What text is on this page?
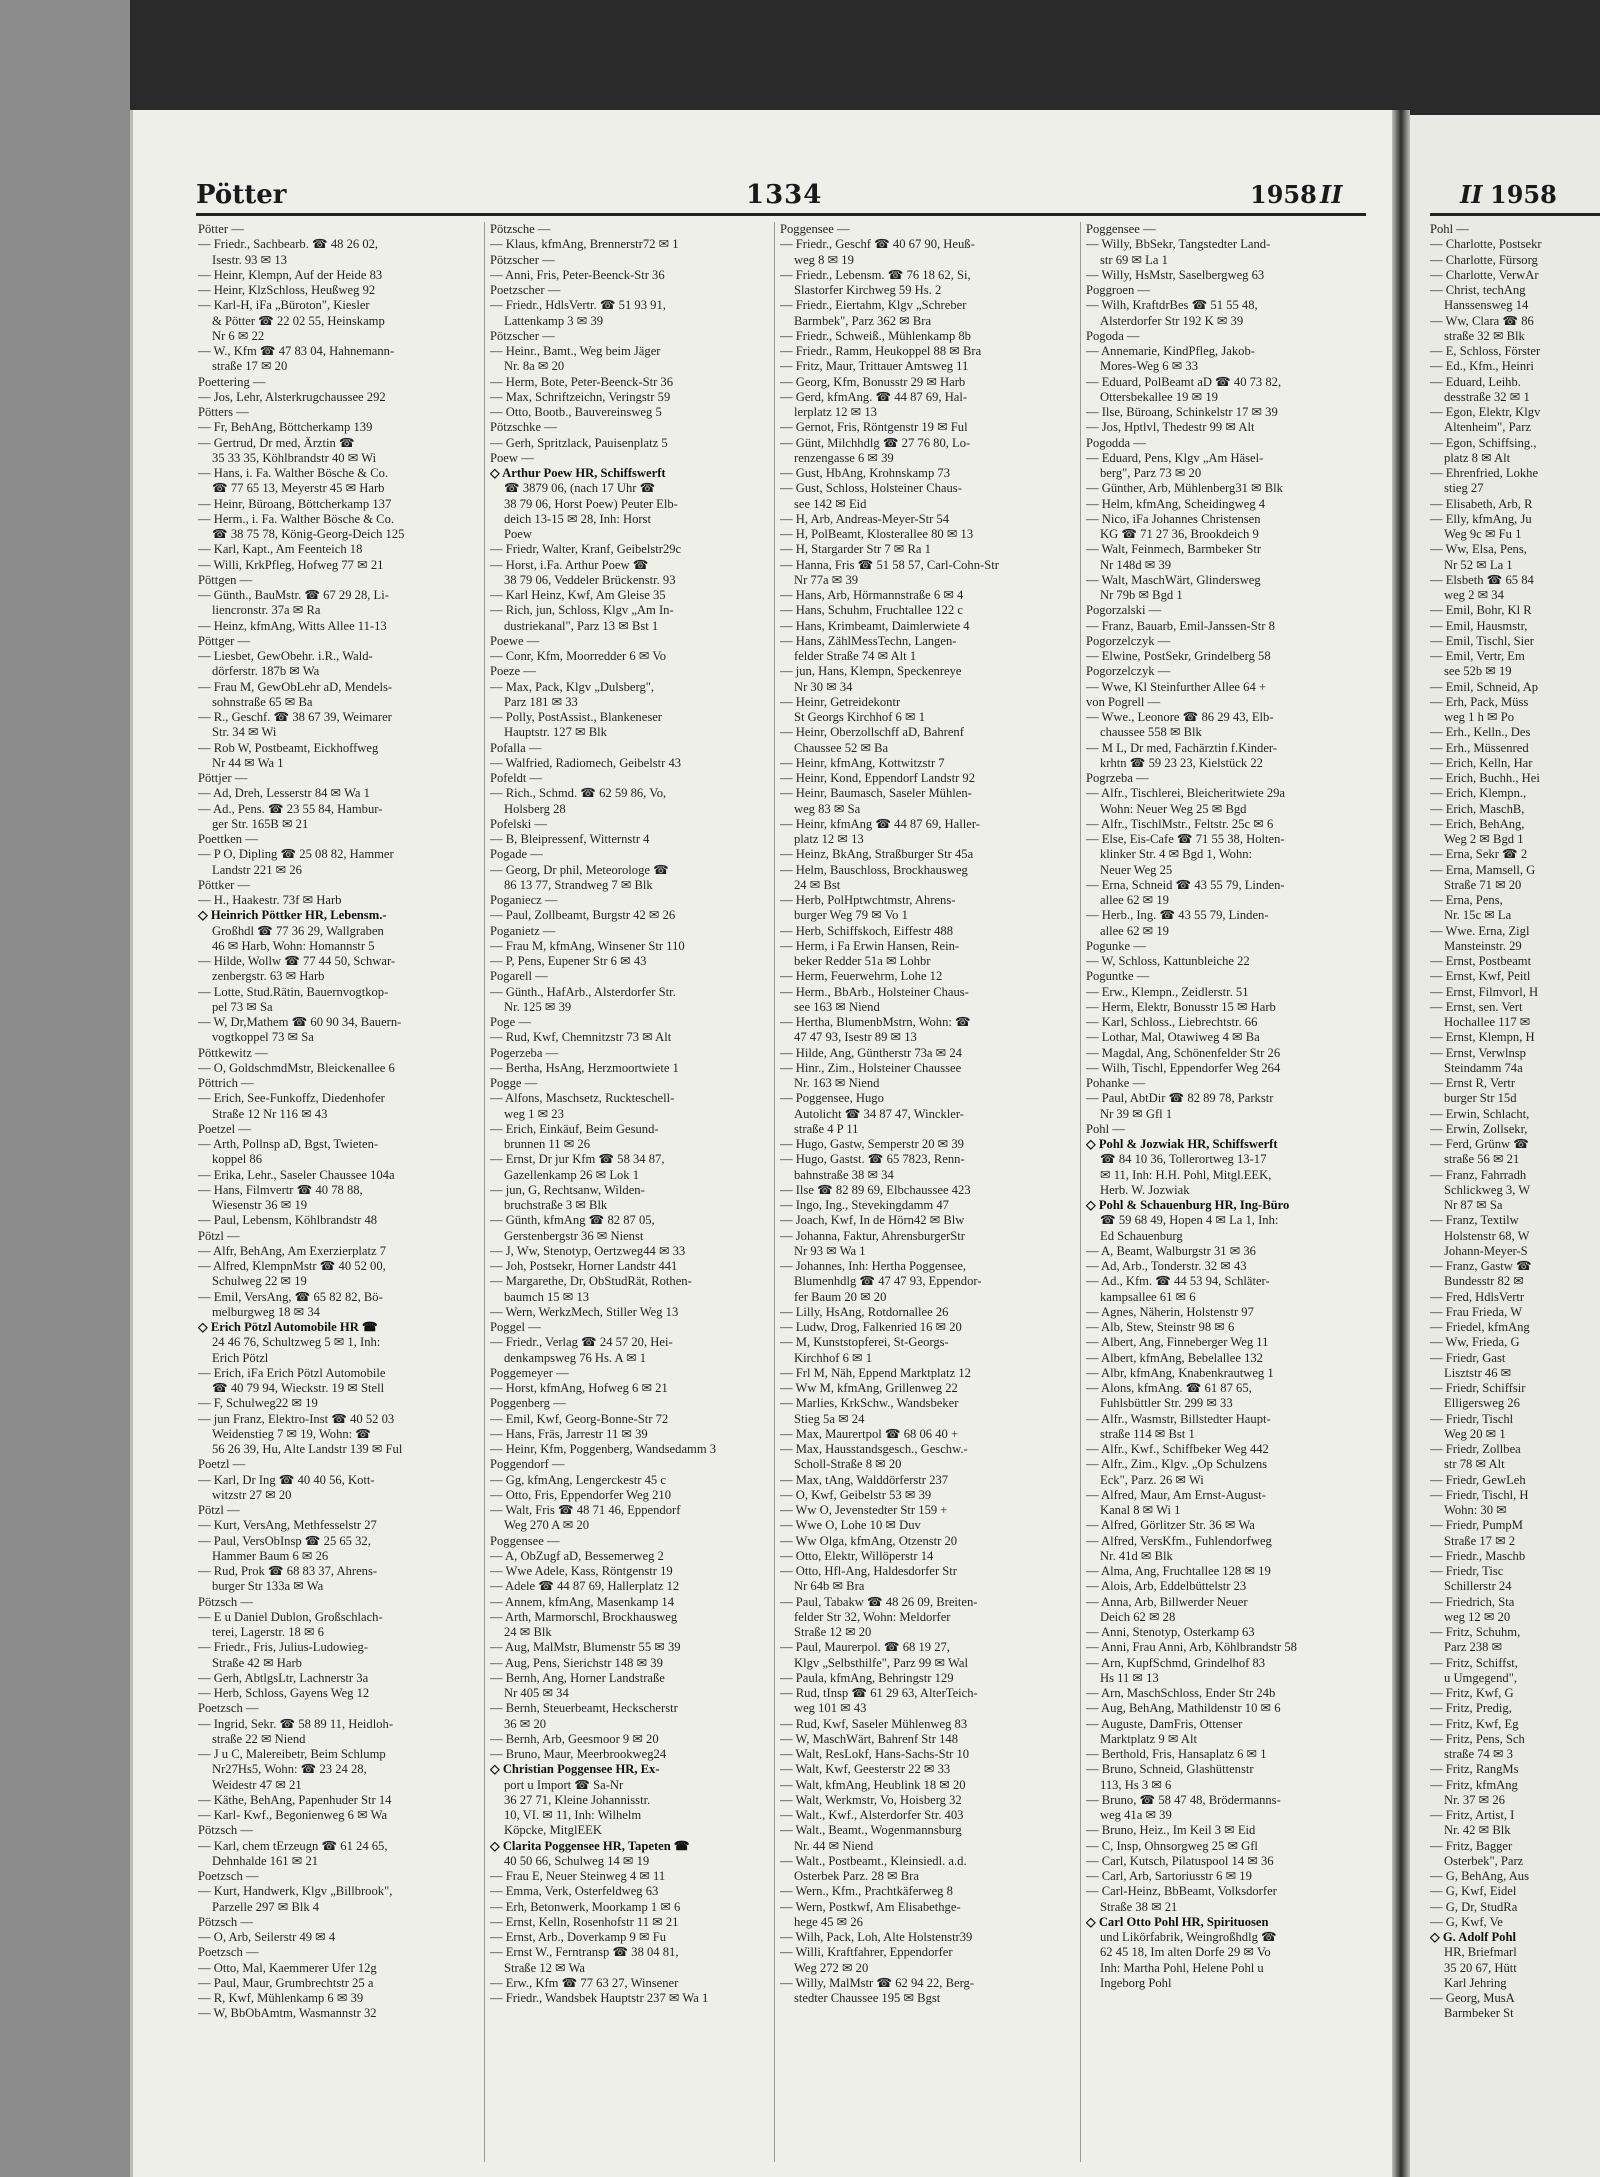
Pötter	1334	1958 II	II 1958
Pötter —
— Friedr., Sachbearb. ☎ 48 26 02,
Isestr. 93 ✉ 13
— Heinr, Klempn, Auf der Heide 83
— Heinr, KlzSchloss, Heußweg 92
— Karl-H, iFa „Büroton", Kiesler
& Pötter ☎ 22 02 55, Heinskamp
Nr 6 ✉ 22
— W., Kfm ☎ 47 83 04, Hahnemann-
straße 17 ✉ 20
Poettering —
— Jos, Lehr, Alsterkrugchaussee 292
Pötters —
— Fr, BehAng, Böttcherkamp 139
— Gertrud, Dr med, Ärztin ☎
35 33 35, Köhlbrandstr 40 ✉ Wi
— Hans, i. Fa. Walther Bösche & Co.
☎ 77 65 13, Meyerstr 45 ✉ Harb
— Heinr, Büroang, Böttcherkamp 137
— Herm., i. Fa. Walther Bösche & Co.
☎ 38 75 78, König-Georg-Deich 125
— Karl, Kapt., Am Feenteich 18
— Willi, KrkPfleg, Hofweg 77 ✉ 21
Pöttgen —
— Günth., BauMstr. ☎ 67 29 28, Li-
liencronstr. 37a ✉ Ra
— Heinz, kfmAng, Witts Allee 11-13
Pöttger —
— Liesbet, GewObehr. i.R., Wald-
dörferstr. 187b ✉ Wa
— Frau M, GewObLehr aD, Mendels-
sohnstraße 65 ✉ Ba
— R., Geschf. ☎ 38 67 39, Weimarer
Str. 34 ✉ Wi
— Rob W, Postbeamt, Eickhoffweg
Nr 44 ✉ Wa 1
Pöttjer —
— Ad, Dreh, Lesserstr 84 ✉ Wa 1
— Ad., Pens. ☎ 23 55 84, Hambur-
ger Str. 165B ✉ 21
Poettken —
— P O, Dipling ☎ 25 08 82, Hammer
Landstr 221 ✉ 26
Pöttker —
— H., Haakestr. 73f ✉ Harb
◇ Heinrich Pöttker HR, Lebensm.-
Großhdl ☎ 77 36 29, Wallgraben
46 ✉ Harb, Wohn: Homannstr 5
— Hilde, Wollw ☎ 77 44 50, Schwar-
zenbergstr. 63 ✉ Harb
— Lotte, Stud.Rätin, Bauernvogtkop-
pel 73 ✉ Sa
— W, Dr,Mathem ☎ 60 90 34, Bauern-
vogtkoppel 73 ✉ Sa
Pöttkewitz —
— O, GoldschmdMstr, Bleickenallee 6
Pöttrich —
— Erich, See-Funkoffz, Diedenhofer
Straße 12 Nr 116 ✉ 43
Poetzel —
— Arth, Pollnsp aD, Bgst, Twieten-
koppel 86
— Erika, Lehr., Saseler Chaussee 104a
— Hans, Filmvertr ☎ 40 78 88,
Wiesenstr 36 ✉ 19
— Paul, Lebensm, Köhlbrandstr 48
Pötzl —
— Alfr, BehAng, Am Exerzierplatz 7
— Alfred, KlempnMstr ☎ 40 52 00,
Schulweg 22 ✉ 19
— Emil, VersAng, ☎ 65 82 82, Bö-
melburgweg 18 ✉ 34
◇ Erich Pötzl Automobile HR ☎
24 46 76, Schultzweg 5 ✉ 1, Inh:
Erich Pötzl
— Erich, iFa Erich Pötzl Automobile
☎ 40 79 94, Wieckstr. 19 ✉ Stell
— F, Schulweg22 ✉ 19
— jun Franz, Elektro-Inst ☎ 40 52 03
Weidenstieg 7 ✉ 19, Wohn: ☎
56 26 39, Hu, Alte Landstr 139 ✉ Ful
Poetzl —
— Karl, Dr Ing ☎ 40 40 56, Kott-
witzstr 27 ✉ 20
Pötzl —
— Kurt, VersAng, Methfesselstr 27
— Paul, VersObInsp ☎ 25 65 32,
Hammer Baum 6 ✉ 26
— Rud, Prok ☎ 68 83 37, Ahrens-
burger Str 133a ✉ Wa
Pötzsch —
— E u Daniel Dublon, Großschlach-
terei, Lagerstr. 18 ✉ 6
— Friedr., Fris, Julius-Ludowieg-
Straße 42 ✉ Harb
— Gerh, AbtlgsLtr, Lachnerstr 3a
— Herb, Schloss, Gayens Weg 12
Poetzsch —
— Ingrid, Sekr. ☎ 58 89 11, Heidloh-
straße 22 ✉ Niend
— J u C, Malereibetr, Beim Schlump
Nr27Hs5, Wohn: ☎ 23 24 28,
Weidestr 47 ✉ 21
— Käthe, BehAng, Papenhuder Str 14
— Karl- Kwf., Begonienweg 6 ✉ Wa
Pötzsch —
— Karl, chem tErzeugn ☎ 61 24 65,
Dehnhalde 161 ✉ 21
Poetzsch —
— Kurt, Handwerk, Klgv „Billbrook",
Parzelle 297 ✉ Blk 4
Pötzsch —
— O, Arb, Seilerstr 49 ✉ 4
Poetzsch —
— Otto, Mal, Kaemmerer Ufer 12g
— Paul, Maur, Grumbrechtstr 25 a
— R, Kwf, Mühlenkamp 6 ✉ 39
— W, BbObAmtm, Wasmannstr 32
Pötzsche —
— Klaus, kfmAng, Brennerstr72 ✉ 1
Pötzscher —
— Anni, Fris, Peter-Beenck-Str 36
Poetzscher —
— Friedr., HdlsVertr. ☎ 51 93 91,
Lattenkamp 3 ✉ 39
Pötzscher —
— Heinr., Bamt., Weg beim Jäger
Nr. 8a ✉ 20
— Herm, Bote, Peter-Beenck-Str 36
— Max, Schriftzeichn, Veringstr 59
— Otto, Bootb., Bauvereinsweg 5
Pötzschke —
— Gerh, Spritzlack, Pauisenplatz 5
Poew —
◇ Arthur Poew HR, Schiffswerft
☎ 3879 06, (nach 17 Uhr ☎
38 79 06, Horst Poew) Peuter Elb-
deich 13-15 ✉ 28, Inh: Horst
Poew
— Friedr, Walter, Kranf, Geibelstr29c
— Horst, i.Fa. Arthur Poew ☎
38 79 06, Veddeler Brückenstr. 93
— Karl Heinz, Kwf, Am Gleise 35
— Rich, jun, Schloss, Klgv „Am In-
dustriekanal", Parz 13 ✉ Bst 1
Poewe —
— Conr, Kfm, Moorredder 6 ✉ Vo
Poeze —
— Max, Pack, Klgv „Dulsberg",
Parz 181 ✉ 33
— Polly, PostAssist., Blankeneser
Hauptstr. 127 ✉ Blk
Pofalla —
— Walfried, Radiomech, Geibelstr 43
Pofeldt —
— Rich., Schmd. ☎ 62 59 86, Vo,
Holsberg 28
Pofelski —
— B, Bleipressenf, Witternstr 4
Pogade —
— Georg, Dr phil, Meteorologe ☎
86 13 77, Strandweg 7 ✉ Blk
Poganiecz —
— Paul, Zollbeamt, Burgstr 42 ✉ 26
Poganietz —
— Frau M, kfmAng, Winsener Str 110
— P, Pens, Eupener Str 6 ✉ 43
Pogarell —
— Günth., HafArb., Alsterdorfer Str.
Nr. 125 ✉ 39
Poge —
— Rud, Kwf, Chemnitzstr 73 ✉ Alt
Pogerzeba —
— Bertha, HsAng, Herzmoortwiete 1
Pogge —
— Alfons, Maschsetz, Ruckteschell-
weg 1 ✉ 23
— Erich, Einkäuf, Beim Gesund-
brunnen 11 ✉ 26
— Ernst, Dr jur Kfm ☎ 58 34 87,
Gazellenkamp 26 ✉ Lok 1
— jun, G, Rechtsanw, Wilden-
bruchstraße 3 ✉ Blk
— Günth, kfmAng ☎ 82 87 05,
Gerstenbergstr 36 ✉ Nienst
— J, Ww, Stenotyp, Oertzweg44 ✉ 33
— Joh, Postsekr, Horner Landstr 441
— Margarethe, Dr, ObStudRät, Rothen-
baumch 15 ✉ 13
— Wern, WerkzMech, Stiller Weg 13
Poggel —
— Friedr., Verlag ☎ 24 57 20, Hei-
denkampsweg 76 Hs. A ✉ 1
Poggemeyer —
— Horst, kfmAng, Hofweg 6 ✉ 21
Poggenberg —
— Emil, Kwf, Georg-Bonne-Str 72
— Hans, Fräs, Jarrestr 11 ✉ 39
— Heinr, Kfm, Poggenberg, Wandsedamm 3
Poggendorf —
— Gg, kfmAng, Lengerckestr 45 c
— Otto, Fris, Eppendorfer Weg 210
— Walt, Fris ☎ 48 71 46, Eppendorf
Weg 270 A ✉ 20
Poggensee —
— A, ObZugf aD, Bessemerweg 2
— Wwe Adele, Kass, Röntgenstr 19
— Adele ☎ 44 87 69, Hallerplatz 12
— Annem, kfmAng, Masenkamp 14
— Arth, Marmorschl, Brockhausweg
24 ✉ Blk
— Aug, MalMstr, Blumenstr 55 ✉ 39
— Aug, Pens, Sierichstr 148 ✉ 39
— Bernh, Ang, Horner Landstraße
Nr 405 ✉ 34
— Bernh, Steuerbeamt, Heckscherstr
36 ✉ 20
— Bernh, Arb, Geesmoor 9 ✉ 20
— Bruno, Maur, Meerbrookweg24
◇ Christian Poggensee HR, Ex-
port u Import ☎ Sa-Nr
36 27 71, Kleine Johannisstr.
10, VI. ✉ 11, Inh: Wilhelm
Köpcke, MitglEEK
◇ Clarita Poggensee HR, Tapeten ☎
40 50 66, Schulweg 14 ✉ 19
— Frau E, Neuer Steinweg 4 ✉ 11
— Emma, Verk, Osterfeldweg 63
— Erh, Betonwerk, Moorkamp 1 ✉ 6
— Ernst, Kelln, Rosenhofstr 11 ✉ 21
— Ernst, Arb., Doverkamp 9 ✉ Fu
— Ernst W., Ferntransp ☎ 38 04 81,
Straße 12 ✉ Wa
— Erw., Kfm ☎ 77 63 27, Winsener
— Friedr., Wandsbek Hauptstr 237 ✉ Wa 1
Poggensee —
— Friedr., Geschf ☎ 40 67 90, Heuß-
weg 8 ✉ 19
— Friedr., Lebensm. ☎ 76 18 62, Si,
Slastorfer Kirchweg 59 Hs. 2
— Friedr., Eiertahm, Klgv „Schreber
Barmbek", Parz 362 ✉ Bra
— Friedr., Schweiß., Mühlenkamp 8b
— Friedr., Ramm, Heukoppel 88 ✉ Bra
— Fritz, Maur, Trittauer Amtsweg 11
— Georg, Kfm, Bonusstr 29 ✉ Harb
— Gerd, kfmAng. ☎ 44 87 69, Hal-
lerplatz 12 ✉ 13
— Gernot, Fris, Röntgenstr 19 ✉ Ful
— Günt, Milchhdlg ☎ 27 76 80, Lo-
renzengasse 6 ✉ 39
— Gust, HbAng, Krohnskamp 73
— Gust, Schloss, Holsteiner Chaus-
see 142 ✉ Eid
— H, Arb, Andreas-Meyer-Str 54
— H, PolBeamt, Klosterallee 80 ✉ 13
— H, Stargarder Str 7 ✉ Ra 1
— Hanna, Fris ☎ 51 58 57, Carl-Cohn-Str
Nr 77a ✉ 39
— Hans, Arb, Hörmannstraße 6 ✉ 4
— Hans, Schuhm, Fruchtallee 122 c
— Hans, Krimbeamt, Daimlerwiete 4
— Hans, ZählMessTechn, Langen-
felder Straße 74 ✉ Alt 1
— jun, Hans, Klempn, Speckenreye
Nr 30 ✉ 34
— Heinr, Getreidekontr
St Georgs Kirchhof 6 ✉ 1
— Heinr, Oberzollschff aD, Bahrenf
Chaussee 52 ✉ Ba
— Heinr, kfmAng, Kottwitzstr 7
— Heinr, Kond, Eppendorf Landstr 92
— Heinr, Baumasch, Saseler Mühlen-
weg 83 ✉ Sa
— Heinr, kfmAng ☎ 44 87 69, Haller-
platz 12 ✉ 13
— Heinz, BkAng, Straßburger Str 45a
— Helm, Bauschloss, Brockhausweg
24 ✉ Bst
— Herb, PolHptwchtmstr, Ahrens-
burger Weg 79 ✉ Vo 1
— Herb, Schiffskoch, Eiffestr 488
— Herm, i Fa Erwin Hansen, Rein-
beker Redder 51a ✉ Lohbr
— Herm, Feuerwehrm, Lohe 12
— Herm., BbArb., Holsteiner Chaus-
see 163 ✉ Niend
— Hertha, BlumenbMstrn, Wohn: ☎
47 47 93, Isestr 89 ✉ 13
— Hilde, Ang, Güntherstr 73a ✉ 24
— Hinr., Zim., Holsteiner Chaussee
Nr. 163 ✉ Niend
— Poggensee, Hugo
Autolicht ☎ 34 87 47, Winckler-
straße 4 P 11
— Hugo, Gastw, Semperstr 20 ✉ 39
— Hugo, Gastst. ☎ 65 7823, Renn-
bahnstraße 38 ✉ 34
— Ilse ☎ 82 89 69, Elbchaussee 423
— Ingo, Ing., Stevekingdamm 47
— Joach, Kwf, In de Hörn42 ✉ Blw
— Johanna, Faktur, AhrensburgerStr
Nr 93 ✉ Wa 1
— Johannes, Inh: Hertha Poggensee,
Blumenhdlg ☎ 47 47 93, Eppendor-
fer Baum 20 ✉ 20
— Lilly, HsAng, Rotdornallee 26
— Ludw, Drog, Falkenried 16 ✉ 20
— M, Kunststopferei, St-Georgs-
Kirchhof 6 ✉ 1
— Frl M, Näh, Eppend Marktplatz 12
— Ww M, kfmAng, Grillenweg 22
— Marlies, KrkSchw., Wandsbeker
Stieg 5a ✉ 24
— Max, Maurertpol ☎ 68 06 40 +
— Max, Hausstandsgesch., Geschw.-
Scholl-Straße 8 ✉ 20
— Max, tAng, Walddörferstr 237
— O, Kwf, Geibelstr 53 ✉ 39
— Ww O, Jevenstedter Str 159 +
— Wwe O, Lohe 10 ✉ Duv
— Ww Olga, kfmAng, Otzenstr 20
— Otto, Elektr, Willöperstr 14
— Otto, Hfl-Ang, Haldesdorfer Str
Nr 64b ✉ Bra
— Paul, Tabakw ☎ 48 26 09, Breiten-
felder Str 32, Wohn: Meldorfer
Straße 12 ✉ 20
— Paul, Maurerpol. ☎ 68 19 27,
Klgv „Selbsthilfe", Parz 99 ✉ Wal
— Paula, kfmAng, Behringstr 129
— Rud, tInsp ☎ 61 29 63, AlterTeich-
weg 101 ✉ 43
— Rud, Kwf, Saseler Mühlenweg 83
— W, MaschWärt, Bahrenf Str 148
— Walt, ResLokf, Hans-Sachs-Str 10
— Walt, Kwf, Geesterstr 22 ✉ 33
— Walt, kfmAng, Heublink 18 ✉ 20
— Walt, Werkmstr, Vo, Hoisberg 32
— Walt., Kwf., Alsterdorfer Str. 403
— Walt., Beamt., Wogenmannsburg
Nr. 44 ✉ Niend
— Walt., Postbeamt., Kleinsiedl. a.d.
Osterbek Parz. 28 ✉ Bra
— Wern., Kfm., Prachtkäferweg 8
— Wern, Postkwf, Am Elisabethge-
hege 45 ✉ 26
— Wilh, Pack, Loh, Alte Holstenstr39
— Willi, Kraftfahrer, Eppendorfer
Weg 272 ✉ 20
— Willy, MalMstr ☎ 62 94 22, Berg-
stedter Chaussee 195 ✉ Bgst
Poggensee —
— Willy, BbSekr, Tangstedter Land-
str 69 ✉ La 1
— Willy, HsMstr, Saselbergweg 63
Poggroen —
— Wilh, KraftdrBes ☎ 51 55 48,
Alsterdorfer Str 192 K ✉ 39
Pogoda —
— Annemarie, KindPfleg, Jakob-
Mores-Weg 6 ✉ 33
— Eduard, PolBeamt aD ☎ 40 73 82,
Ottersbekallee 19 ✉ 19
— Ilse, Büroang, Schinkelstr 17 ✉ 39
— Jos, Hptlvl, Thedestr 99 ✉ Alt
Pogodda —
— Eduard, Pens, Klgv „Am Häsel-
berg", Parz 73 ✉ 20
— Günther, Arb, Mühlenberg31 ✉ Blk
— Helm, kfmAng, Scheidingweg 4
— Nico, iFa Johannes Christensen
KG ☎ 71 27 36, Brookdeich 9
— Walt, Feinmech, Barmbeker Str
Nr 148d ✉ 39
— Walt, MaschWärt, Glindersweg
Nr 79b ✉ Bgd 1
Pogorzalski —
— Franz, Bauarb, Emil-Janssen-Str 8
Pogorzelczyk —
— Elwine, PostSekr, Grindelberg 58
Pogorzelczyk —
— Wwe, Kl Steinfurther Allee 64 +
von Pogrell —
— Wwe., Leonore ☎ 86 29 43, Elb-
chaussee 558 ✉ Blk
— M L, Dr med, Fachärztin f.Kinder-
krhtn ☎ 59 23 23, Kielstück 22
Pogrzeba —
— Alfr., Tischlerei, Bleicheritwiete 29a
Wohn: Neuer Weg 25 ✉ Bgd
— Alfr., TischlMstr., Feltstr. 25c ✉ 6
— Else, Eis-Cafe ☎ 71 55 38, Holten-
klinker Str. 4 ✉ Bgd 1, Wohn:
Neuer Weg 25
— Erna, Schneid ☎ 43 55 79, Linden-
allee 62 ✉ 19
— Herb., Ing. ☎ 43 55 79, Linden-
allee 62 ✉ 19
Pogunke —
— W, Schloss, Kattunbleiche 22
Poguntke —
— Erw., Klempn., Zeidlerstr. 51
— Herm, Elektr, Bonusstr 15 ✉ Harb
— Karl, Schloss., Liebrechtstr. 66
— Lothar, Mal, Otawiweg 4 ✉ Ba
— Magdal, Ang, Schönenfelder Str 26
— Wilh, Tischl, Eppendorfer Weg 264
Pohanke —
— Paul, AbtDir ☎ 82 89 78, Parkstr
Nr 39 ✉ Gfl 1
Pohl —
◇ Pohl & Jozwiak HR, Schiffswerft
☎ 84 10 36, Tollerortweg 13-17
✉ 11, Inh: H.H. Pohl, Mitgl.EEK,
Herb. W. Jozwiak
◇ Pohl & Schauenburg HR, Ing-Büro
☎ 59 68 49, Hopen 4 ✉ La 1, Inh:
Ed Schauenburg
— A, Beamt, Walburgstr 31 ✉ 36
— Ad, Arb., Tonderstr. 32 ✉ 43
— Ad., Kfm. ☎ 44 53 94, Schläter-
kampsallee 61 ✉ 6
— Agnes, Näherin, Holstenstr 97
— Alb, Stew, Steinstr 98 ✉ 6
— Albert, Ang, Finneberger Weg 11
— Albert, kfmAng, Bebelallee 132
— Albr, kfmAng, Knabenkrautweg 1
— Alons, kfmAng. ☎ 61 87 65,
Fuhlsbüttler Str. 299 ✉ 33
— Alfr., Wasmstr, Billstedter Haupt-
straße 114 ✉ Bst 1
— Alfr., Kwf., Schiffbeker Weg 442
— Alfr., Zim., Klgv. „Op Schulzens
Eck", Parz. 26 ✉ Wi
— Alfred, Maur, Am Ernst-August-
Kanal 8 ✉ Wi 1
— Alfred, Görlitzer Str. 36 ✉ Wa
— Alfred, VersKfm., Fuhlendorfweg
Nr. 41d ✉ Blk
— Alma, Ang, Fruchtallee 128 ✉ 19
— Alois, Arb, Eddelbüttelstr 23
— Anna, Arb, Billwerder Neuer
Deich 62 ✉ 28
— Anni, Stenotyp, Osterkamp 63
— Anni, Frau Anni, Arb, Köhlbrandstr 58
— Arn, KupfSchmd, Grindelhof 83
Hs 11 ✉ 13
— Arn, MaschSchloss, Ender Str 24b
— Aug, BehAng, Mathildenstr 10 ✉ 6
— Auguste, DamFris, Ottenser
Marktplatz 9 ✉ Alt
— Berthold, Fris, Hansaplatz 6 ✉ 1
— Bruno, Schneid, Glashüttenstr
113, Hs 3 ✉ 6
— Bruno, ☎ 58 47 48, Brödermanns-
weg 41a ✉ 39
— Bruno, Heiz., Im Keil 3 ✉ Eid
— C, Insp, Ohnsorgweg 25 ✉ Gfl
— Carl, Kutsch, Pilatuspool 14 ✉ 36
— Carl, Arb, Sartoriusstr 6 ✉ 19
— Carl-Heinz, BbBeamt, Volksdorfer
Straße 38 ✉ 21
◇ Carl Otto Pohl HR, Spirituosen
und Likörfabrik, Weingroßhdlg ☎
62 45 18, Im alten Dorfe 29 ✉ Vo
Inh: Martha Pohl, Helene Pohl u
Ingeborg Pohl
Pohl —
— Charlotte, Postsekr
— Charlotte, Fürsorg
— Charlotte, VerwAr
— Christ, techAng
Hanssensweg 14
— Ww, Clara ☎ 86
straße 32 ✉ Blk
— E, Schloss, Förster
— Ed., Kfm., Heinri
— Eduard, Leihb.
desstraße 32 ✉ 1
— Egon, Elektr, Klgv
Altenheim", Parz
— Egon, Schiffsing.,
platz 8 ✉ Alt
— Ehrenfried, Lokhe
stieg 27
— Elisabeth, Arb, R
— Elly, kfmAng, Ju
Weg 9c ✉ Fu 1
— Ww, Elsa, Pens,
Nr 52 ✉ La 1
— Elsbeth ☎ 65 84
weg 2 ✉ 34
— Emil, Bohr, Kl R
— Emil, Hausmstr,
— Emil, Tischl, Sier
— Emil, Vertr, Em
see 52b ✉ 19
— Emil, Schneid, Ap
— Erh, Pack, Müss
weg 1 h ✉ Po
— Erh., Kelln., Des
— Erh., Müssenred
— Erich, Kelln, Har
— Erich, Buchh., Hei
— Erich, Klempn.,
— Erich, MaschB,
— Erich, BehAng,
Weg 2 ✉ Bgd 1
— Erna, Sekr ☎ 2
— Erna, Mamsell, G
Straße 71 ✉ 20
— Erna, Pens,
Nr. 15c ✉ La
— Wwe. Erna, Zigl
Mansteinstr. 29
— Ernst, Postbeamt
— Ernst, Kwf, Peitl
— Ernst, Filmvorl, H
— Ernst, sen. Vert
Hochallee 117 ✉
— Ernst, Klempn, H
— Ernst, Verwlnsp
Steindamm 74a
— Ernst R, Vertr
burger Str 15d
— Erwin, Schlacht,
— Erwin, Zollsekr,
— Ferd, Grünw ☎
straße 56 ✉ 21
— Franz, Fahrradh
Schlickweg 3, W
Nr 87 ✉ Sa
— Franz, Textilw
Holstenstr 68, W
Johann-Meyer-S
— Franz, Gastw ☎
Bundesstr 82 ✉
— Fred, HdlsVertr
— Frau Frieda, W
— Friedel, kfmAng
— Ww, Frieda, G
— Friedr, Gast
Lisztstr 46 ✉
— Friedr, Schiffsir
Elligersweg 26
— Friedr, Tischl
Weg 20 ✉ 1
— Friedr, Zollbea
str 78 ✉ Alt
— Friedr, GewLeh
— Friedr, Tischl, H
Wohn: 30 ✉
— Friedr, PumpM
Straße 17 ✉ 2
— Friedr., Maschb
— Friedr, Tisc
Schillerstr 24
— Friedrich, Sta
weg 12 ✉ 20
— Fritz, Schuhm,
Parz 238 ✉
— Fritz, Schiffst,
u Umgegend",
— Fritz, Kwf, G
— Fritz, Predig,
— Fritz, Kwf, Eg
— Fritz, Pens, Sch
straße 74 ✉ 3
— Fritz, RangMs
— Fritz, kfmAng
Nr. 37 ✉ 26
— Fritz, Artist, I
Nr. 42 ✉ Blk
— Fritz, Bagger
Osterbek", Parz
— G, BehAng, Aus
— G, Kwf, Eidel
— G, Dr, StudRa
— G, Kwf, Ve
◇ G. Adolf Pohl
HR, Briefmarl
35 20 67, Hütt
Karl Jehring
— Georg, MusA
Barmbeker St
